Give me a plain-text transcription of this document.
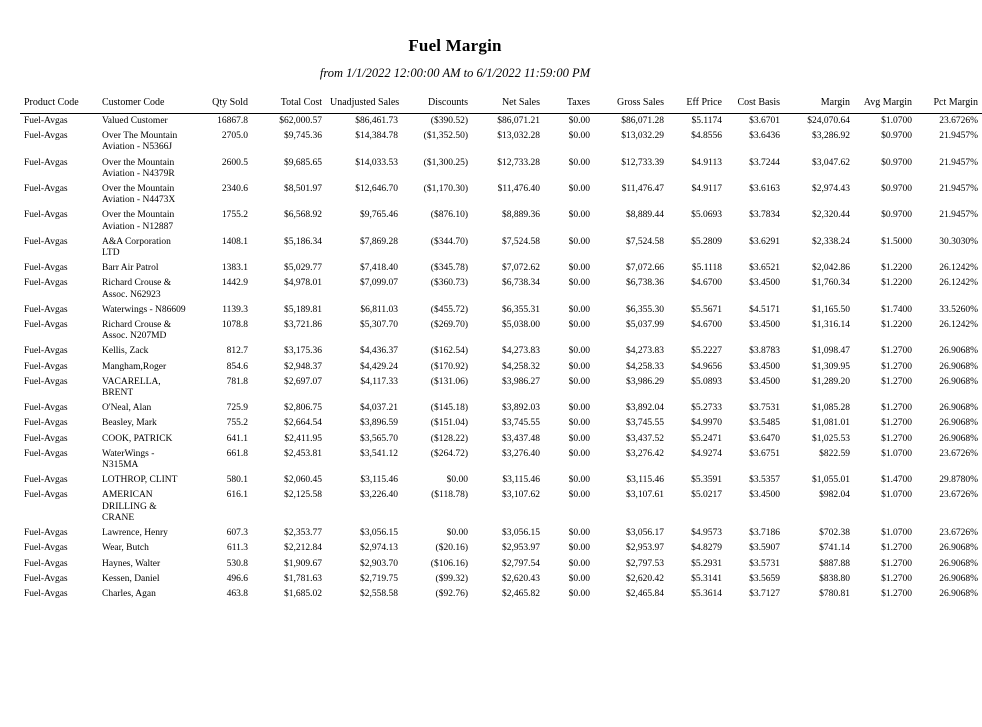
Fuel Margin
from 1/1/2022 12:00:00 AM to 6/1/2022 11:59:00 PM
Product Code	Customer Code	Qty Sold	Total Cost	Unadjusted Sales	Discounts	Net Sales	Taxes	Gross Sales	Eff Price	Cost Basis	Margin	Avg Margin	Pct Margin
Fuel-Avgas	Valued Customer	16867.8	$62,000.57	$86,461.73	($390.52)	$86,071.21	$0.00	$86,071.28	$5.1174	$3.6701	$24,070.64	$1.0700	23.6726%
Fuel-Avgas	Over The Mountain Aviation - N5366J	2705.0	$9,745.36	$14,384.78	($1,352.50)	$13,032.28	$0.00	$13,032.29	$4.8556	$3.6436	$3,286.92	$0.9700	21.9457%
Fuel-Avgas	Over the Mountain Aviation - N4379R	2600.5	$9,685.65	$14,033.53	($1,300.25)	$12,733.28	$0.00	$12,733.39	$4.9113	$3.7244	$3,047.62	$0.9700	21.9457%
Fuel-Avgas	Over the Mountain Aviation - N4473X	2340.6	$8,501.97	$12,646.70	($1,170.30)	$11,476.40	$0.00	$11,476.47	$4.9117	$3.6163	$2,974.43	$0.9700	21.9457%
Fuel-Avgas	Over the Mountain Aviation - N12887	1755.2	$6,568.92	$9,765.46	($876.10)	$8,889.36	$0.00	$8,889.44	$5.0693	$3.7834	$2,320.44	$0.9700	21.9457%
Fuel-Avgas	A&A Corporation LTD	1408.1	$5,186.34	$7,869.28	($344.70)	$7,524.58	$0.00	$7,524.58	$5.2809	$3.6291	$2,338.24	$1.5000	30.3030%
Fuel-Avgas	Barr Air Patrol	1383.1	$5,029.77	$7,418.40	($345.78)	$7,072.62	$0.00	$7,072.66	$5.1118	$3.6521	$2,042.86	$1.2200	26.1242%
Fuel-Avgas	Richard Crouse & Assoc. N62923	1442.9	$4,978.01	$7,099.07	($360.73)	$6,738.34	$0.00	$6,738.36	$4.6700	$3.4500	$1,760.34	$1.2200	26.1242%
Fuel-Avgas	Waterwings - N86609	1139.3	$5,189.81	$6,811.03	($455.72)	$6,355.31	$0.00	$6,355.30	$5.5671	$4.5171	$1,165.50	$1.7400	33.5260%
Fuel-Avgas	Richard Crouse & Assoc. N207MD	1078.8	$3,721.86	$5,307.70	($269.70)	$5,038.00	$0.00	$5,037.99	$4.6700	$3.4500	$1,316.14	$1.2200	26.1242%
Fuel-Avgas	Kellis, Zack	812.7	$3,175.36	$4,436.37	($162.54)	$4,273.83	$0.00	$4,273.83	$5.2227	$3.8783	$1,098.47	$1.2700	26.9068%
Fuel-Avgas	Mangham,Roger	854.6	$2,948.37	$4,429.24	($170.92)	$4,258.32	$0.00	$4,258.33	$4.9656	$3.4500	$1,309.95	$1.2700	26.9068%
Fuel-Avgas	VACARELLA, BRENT	781.8	$2,697.07	$4,117.33	($131.06)	$3,986.27	$0.00	$3,986.29	$5.0893	$3.4500	$1,289.20	$1.2700	26.9068%
Fuel-Avgas	O'Neal, Alan	725.9	$2,806.75	$4,037.21	($145.18)	$3,892.03	$0.00	$3,892.04	$5.2733	$3.7531	$1,085.28	$1.2700	26.9068%
Fuel-Avgas	Beasley, Mark	755.2	$2,664.54	$3,896.59	($151.04)	$3,745.55	$0.00	$3,745.55	$4.9970	$3.5485	$1,081.01	$1.2700	26.9068%
Fuel-Avgas	COOK, PATRICK	641.1	$2,411.95	$3,565.70	($128.22)	$3,437.48	$0.00	$3,437.52	$5.2471	$3.6470	$1,025.53	$1.2700	26.9068%
Fuel-Avgas	WaterWings - N315MA	661.8	$2,453.81	$3,541.12	($264.72)	$3,276.40	$0.00	$3,276.42	$4.9274	$3.6751	$822.59	$1.0700	23.6726%
Fuel-Avgas	LOTHROP, CLINT	580.1	$2,060.45	$3,115.46	$0.00	$3,115.46	$0.00	$3,115.46	$5.3591	$3.5357	$1,055.01	$1.4700	29.8780%
Fuel-Avgas	AMERICAN DRILLING & CRANE	616.1	$2,125.58	$3,226.40	($118.78)	$3,107.62	$0.00	$3,107.61	$5.0217	$3.4500	$982.04	$1.0700	23.6726%
Fuel-Avgas	Lawrence, Henry	607.3	$2,353.77	$3,056.15	$0.00	$3,056.15	$0.00	$3,056.17	$4.9573	$3.7186	$702.38	$1.0700	23.6726%
Fuel-Avgas	Wear, Butch	611.3	$2,212.84	$2,974.13	($20.16)	$2,953.97	$0.00	$2,953.97	$4.8279	$3.5907	$741.14	$1.2700	26.9068%
Fuel-Avgas	Haynes, Walter	530.8	$1,909.67	$2,903.70	($106.16)	$2,797.54	$0.00	$2,797.53	$5.2931	$3.5731	$887.88	$1.2700	26.9068%
Fuel-Avgas	Kessen, Daniel	496.6	$1,781.63	$2,719.75	($99.32)	$2,620.43	$0.00	$2,620.42	$5.3141	$3.5659	$838.80	$1.2700	26.9068%
Fuel-Avgas	Charles, Agan	463.8	$1,685.02	$2,558.58	($92.76)	$2,465.82	$0.00	$2,465.84	$5.3614	$3.7127	$780.81	$1.2700	26.9068%
